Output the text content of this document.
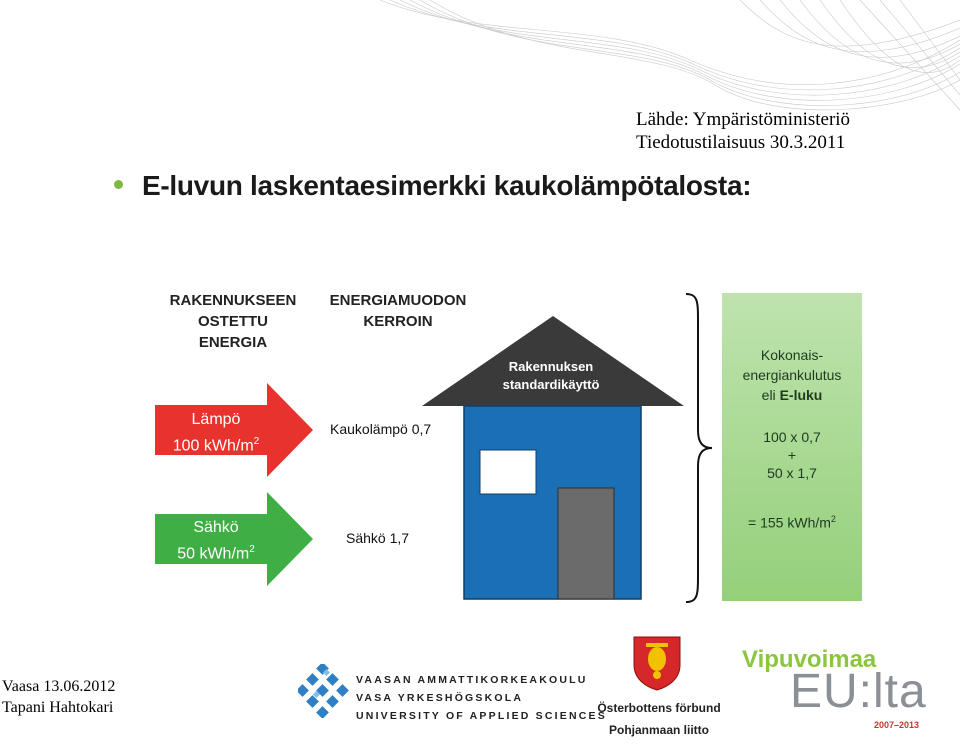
Lähde: Ympäristöministeriö
Tiedotustilaisuus 30.3.2011
E-luvun laskentaesimerkki kaukolämpötalosta:
RAKENNUKSEEN
OSTETTU
ENERGIA
ENERGIAMUODON
KERROIN
Lämpö
100 kWh/$m^2$
Sähkö
50 kWh/$m^2$
Kaukolämpö 0,7
Sähkö 1,7
Rakennuksen
standardikäyttö
Kokonais-
energiankulutus
eli E-luku
100 x 0,7
+
50 x 1,7
= 155 kWh/$m^2$
Vaasa 13.06.2012
Tapani Hahtokari
VAASAN AMMATTIKORKEAKOULU
VASA YRKESHÖGSKOLA
UNIVERSITY OF APPLIED SCIENCES
Österbottens förbund
Pohjanmaan liitto
Vipuvoimaa
EU:lta
2007–2013
